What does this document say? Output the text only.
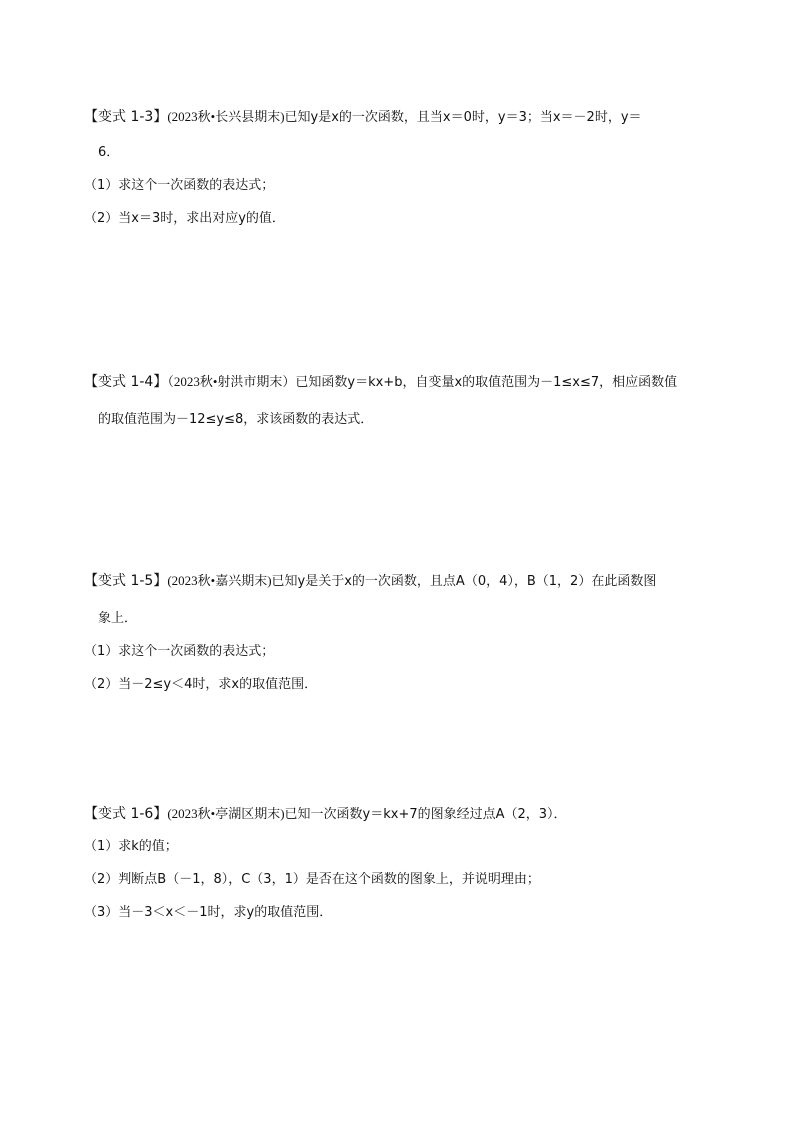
【变式 1-3】(2023秋•长兴县期末)已知y是x的一次函数，且当x＝0时，y＝3；当x＝－2时，y＝
6．
（1）求这个一次函数的表达式；
（2）当x＝3时，求出对应y的值．
【变式 1-4】（2023秋•射洪市期末）已知函数y＝kx+b，自变量x的取值范围为－1≤x≤7，相应函数值
的取值范围为－12≤y≤8，求该函数的表达式．
【变式 1-5】(2023秋•嘉兴期末)已知y是关于x的一次函数，且点A（0，4），B（1，2）在此函数图
象上．
（1）求这个一次函数的表达式；
（2）当－2≤y＜4时，求x的取值范围．
【变式 1-6】(2023秋•亭湖区期末)已知一次函数y＝kx+7的图象经过点A（2，3）．
（1）求k的值；
（2）判断点B（－1，8），C（3，1）是否在这个函数的图象上，并说明理由；
（3）当－3＜x＜－1时，求y的取值范围．
